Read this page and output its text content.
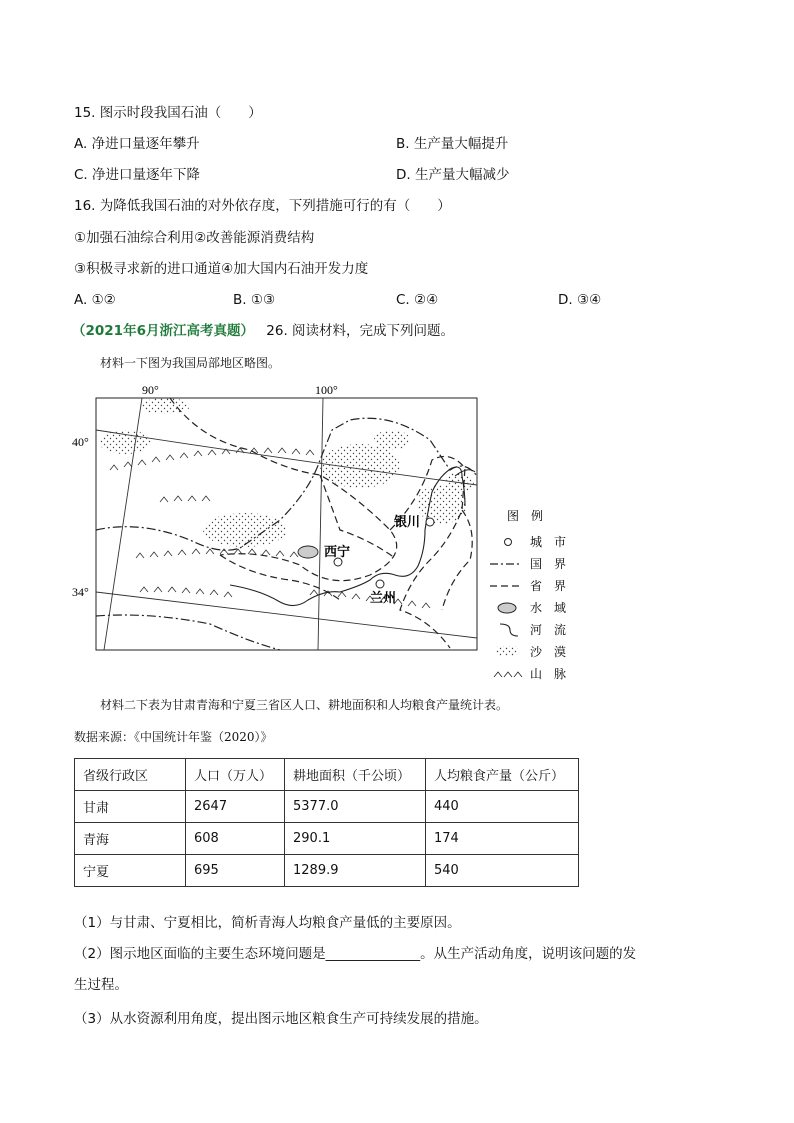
15. 图示时段我国石油（　　）
A. 净进口量逐年攀升	B. 生产量大幅提升
C. 净进口量逐年下降	D. 生产量大幅减少
16. 为降低我国石油的对外依存度，下列措施可行的有（　　）
①加强石油综合利用②改善能源消费结构
③积极寻求新的进口通道④加大国内石油开发力度
A. ①②	B. ①③	C. ②④	D. ③④
（2021年6月浙江高考真题） 26. 阅读材料，完成下列问题。
材料一下图为我国局部地区略图。
90°	100°
40°
34°
银川
西宁
兰州
图　例
城　市
国　界
省　界
水　域
河　流
沙　漠
山　脉
材料二下表为甘肃青海和宁夏三省区人口、耕地面积和人均粮食产量统计表。
数据来源：《中国统计年鉴（2020）》
省级行政区	人口（万人）	耕地面积（千公顷）	人均粮食产量（公斤）
甘肃	2647	5377.0	440
青海	608	290.1	174
宁夏	695	1289.9	540
（1）与甘肃、宁夏相比，简析青海人均粮食产量低的主要原因。
（2）图示地区面临的主要生态环境问题是______________。从生产活动角度，说明该问题的发
生过程。
（3）从水资源利用角度，提出图示地区粮食生产可持续发展的措施。
